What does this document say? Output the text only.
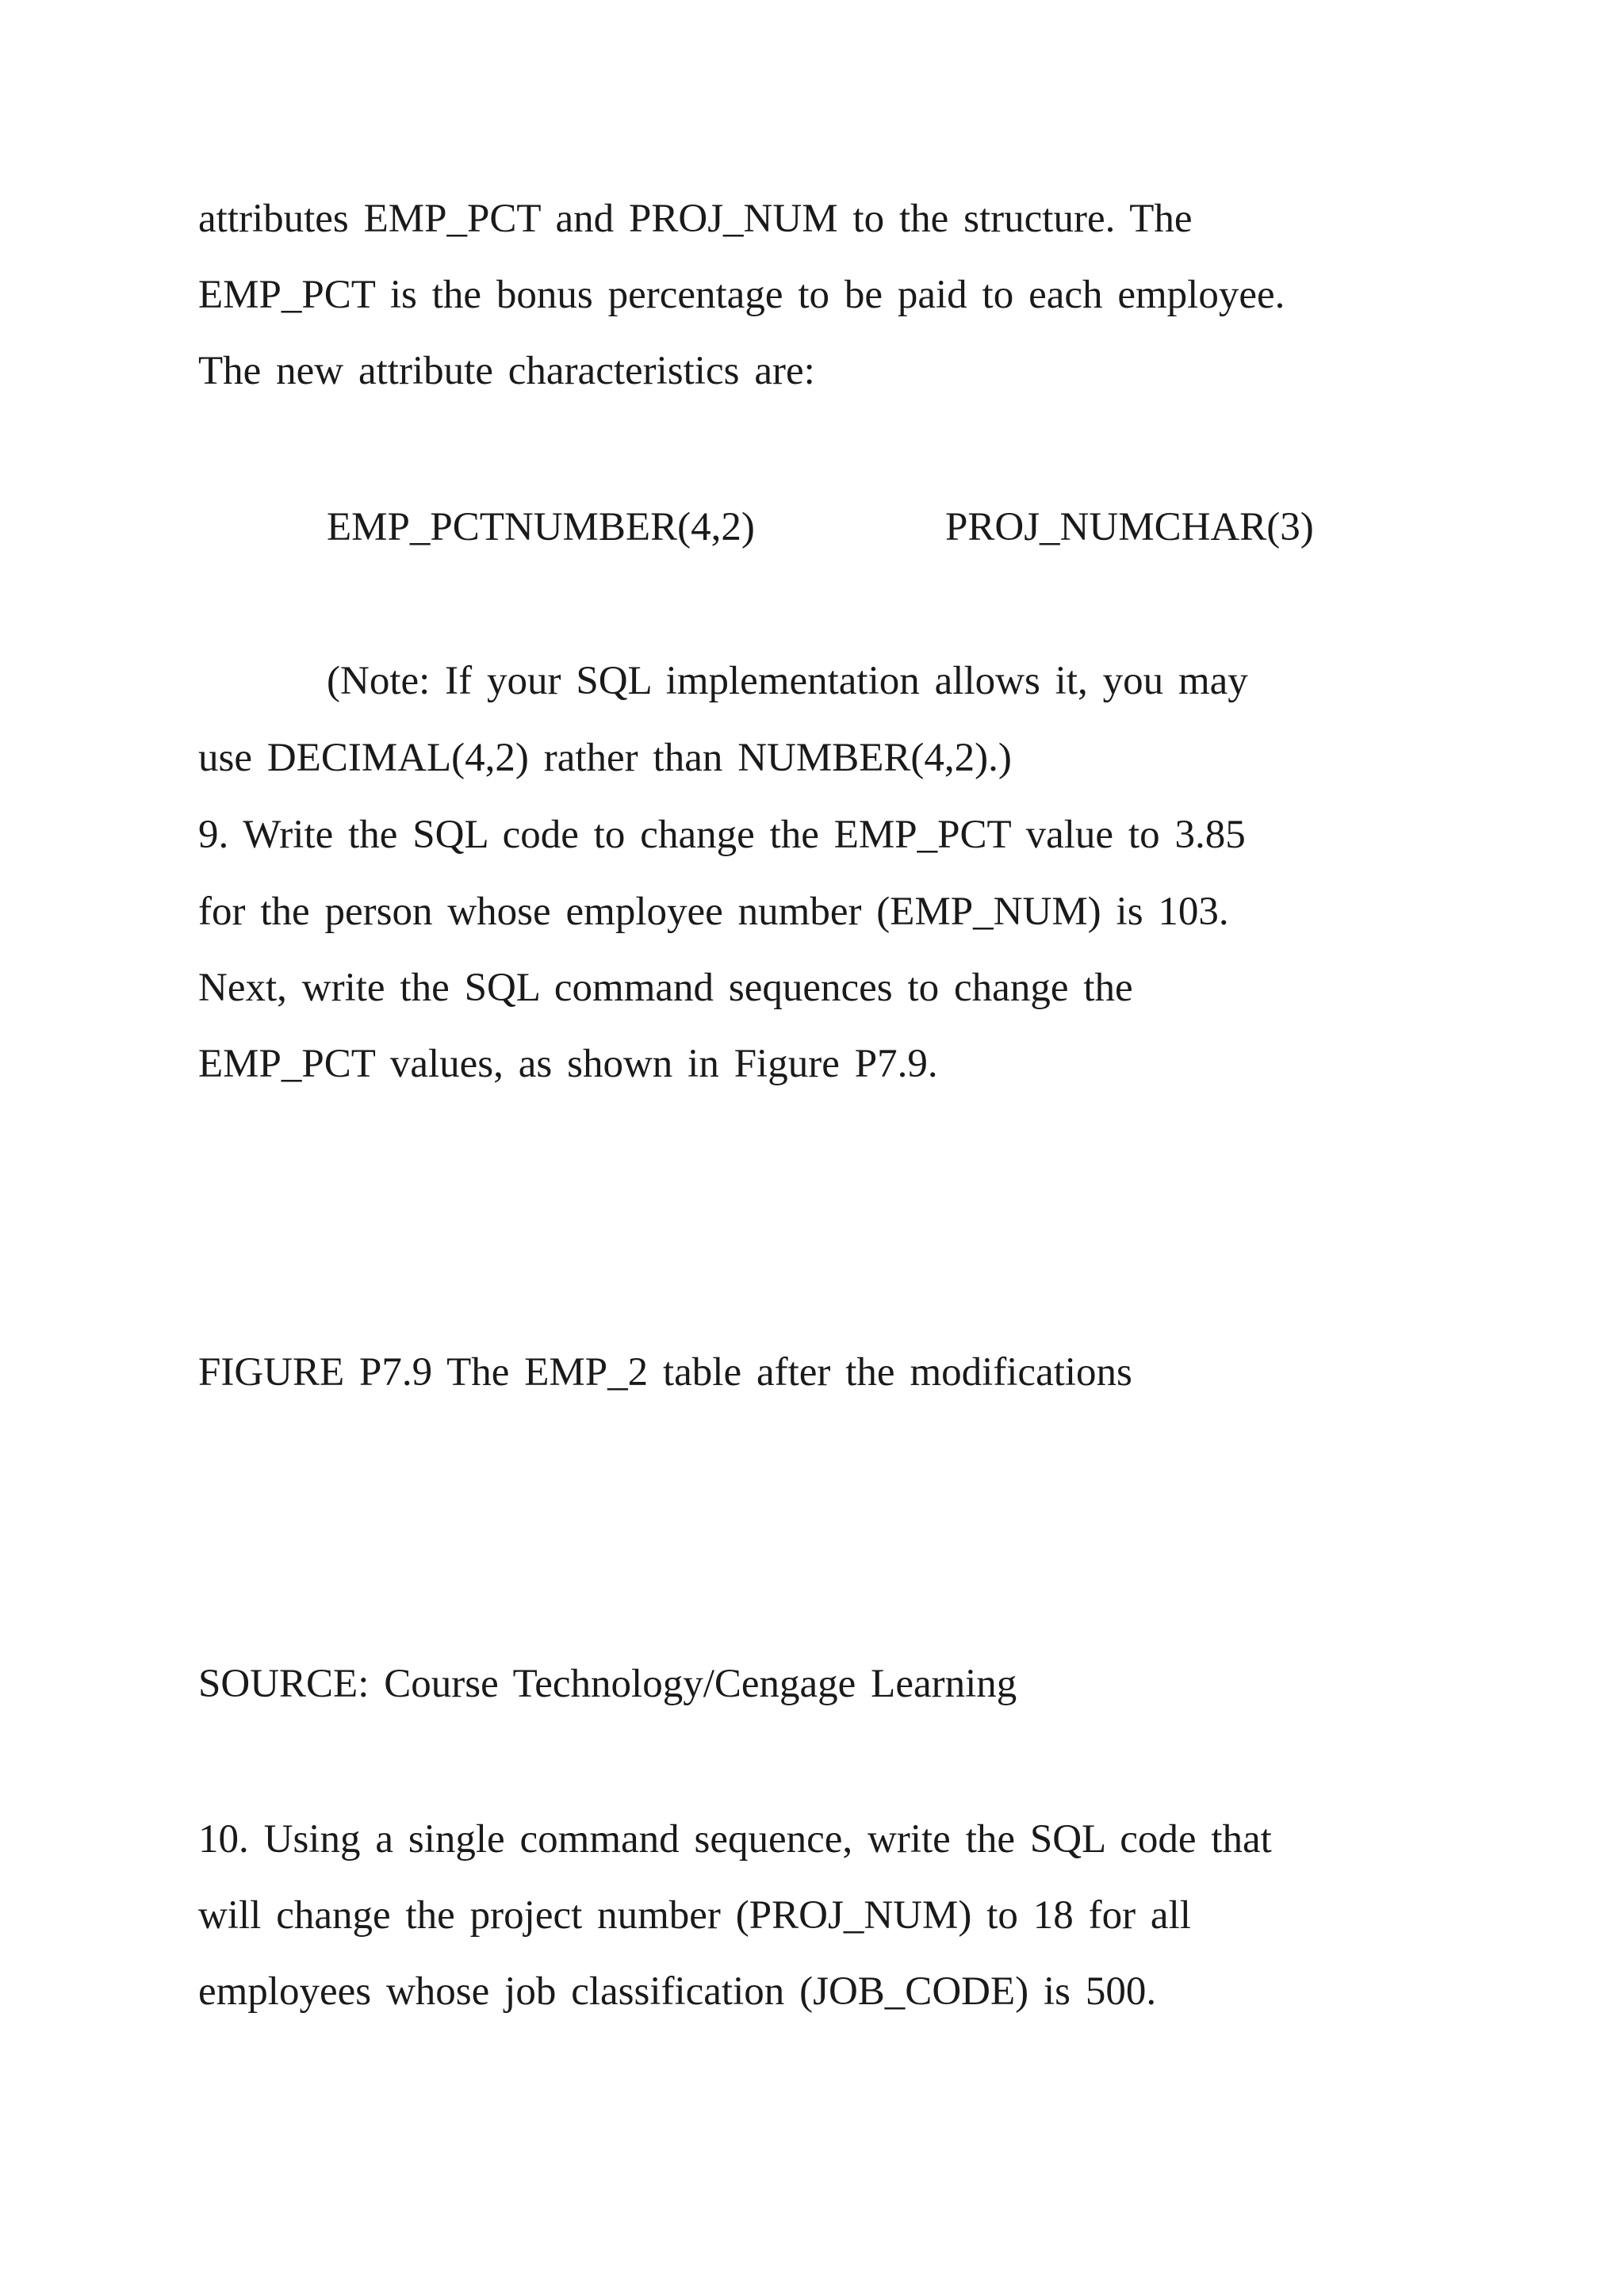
attributes EMP_PCT and PROJ_NUM to the structure. The
EMP_PCT is the bonus percentage to be paid to each employee.
The new attribute characteristics are:
EMP_PCTNUMBER(4,2)	PROJ_NUMCHAR(3)
(Note: If your SQL implementation allows it, you may
use DECIMAL(4,2) rather than NUMBER(4,2).)
9. Write the SQL code to change the EMP_PCT value to 3.85
for the person whose employee number (EMP_NUM) is 103.
Next, write the SQL command sequences to change the
EMP_PCT values, as shown in Figure P7.9.
FIGURE P7.9 The EMP_2 table after the modifications
SOURCE: Course Technology/Cengage Learning
10. Using a single command sequence, write the SQL code that
will change the project number (PROJ_NUM) to 18 for all
employees whose job classification (JOB_CODE) is 500.
